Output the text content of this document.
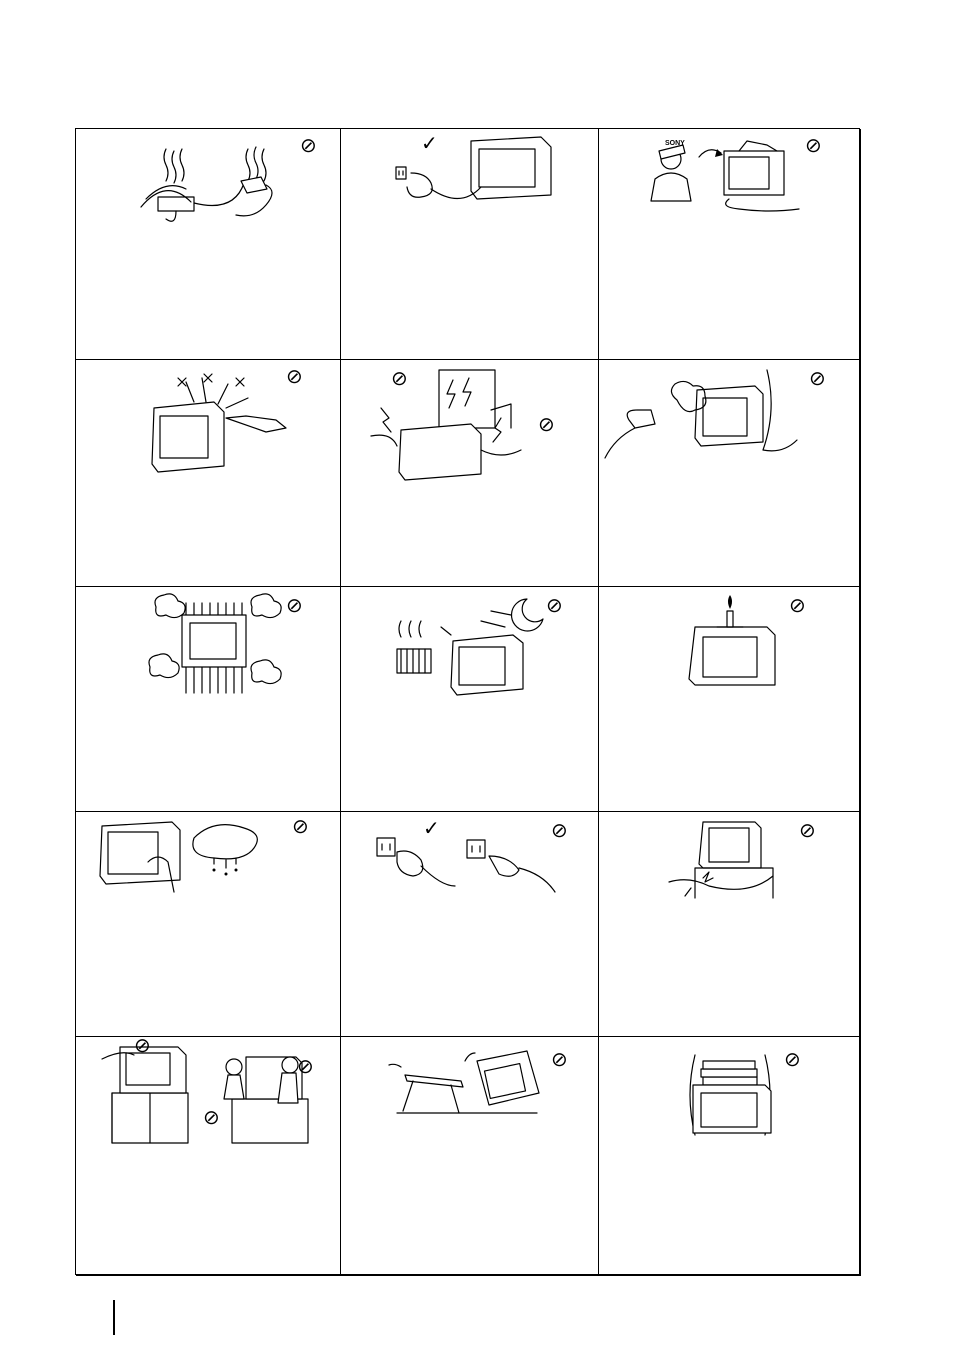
⊘	✓	SONY	⊘
⊘	⊘
⊘
⊘
⊘	⊘	⊘
⊘	✓	⊘	⊘
⊘
⊘
⊘
⊘	⊘
